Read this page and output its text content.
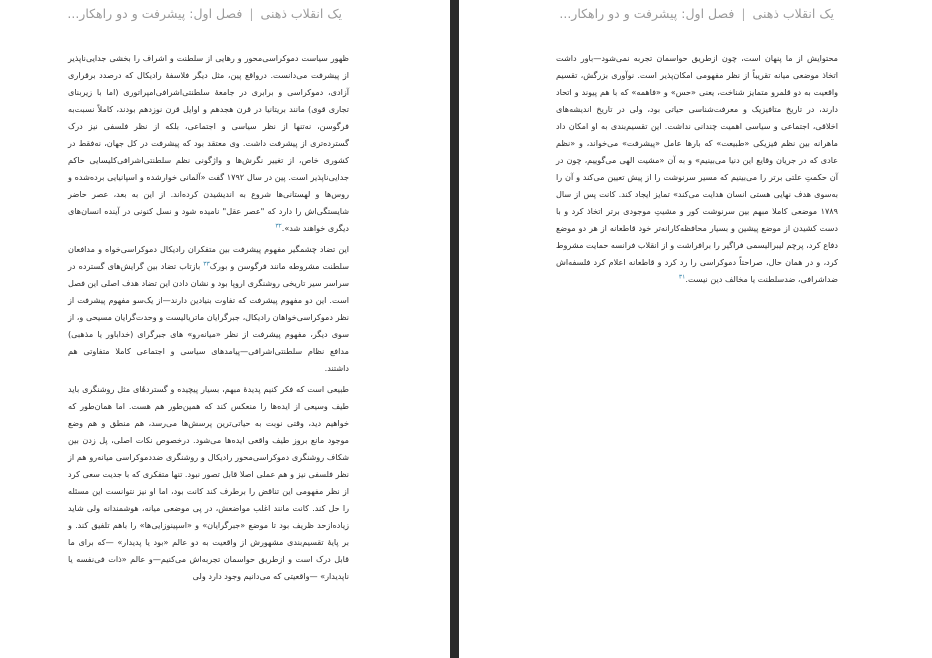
یک انقلاب ذهنی|فصل اول: پیشرفت و دو راهکار...

ظهور سیاست دموکراسی‌محور و رهایی از سلطنت و اشراف را بخشی جدایی‌ناپذیر از پیشرفت می‌دانست. درواقع پین، مثل دیگر فلاسفهٔ رادیکال که درصدد برقراری آزادی، دموکراسی و برابری در جامعهٔ سلطنتی‌اشرافی‌امپراتوری (اما با زیربنای تجاری قوی) مانند بریتانیا در قرن هجدهم و اوایل قرن نوزدهم بودند، کاملاً نسبت‌به فرگوسن، نه‌تنها از نظر سیاسی و اجتماعی، بلکه از نظر فلسفی نیز درک گسترده‌تری از پیشرفت داشت. وی معتقد بود که پیشرفت در کل جهان، نه‌فقط در کشوری خاص، از تغییر نگرش‌ها و واژگونی نظم سلطنتی‌اشرافی‌کلیسایی حاکم جدایی‌ناپذیر است. پین در سال ۱۷۹۲ گفت «آلمانی خوارشده و اسپانیایی برده‌شده و روس‌ها و لهستانی‌ها شروع به اندیشیدن کرده‌اند. از این به بعد، عصر حاضر شایستگی‌اش را دارد که "عصر عقل" نامیده شود و نسل کنونی در آینده انسان‌های دیگری خواهند شد».$^{۳۲}$

این تضاد چشمگیر مفهوم پیشرفت بین متفکران رادیکال دموکراسی‌خواه و مدافعان سلطنت مشروطه مانند فرگوسن و بورک$^{۳۳}$ بازتاب تضاد بین گرایش‌های گسترده در سراسر سیر تاریخی روشنگری اروپا بود و نشان دادن این تضاد هدف اصلی این فصل است. این دو مفهوم پیشرفت که تفاوت بنیادین دارند—از یک‌سو مفهوم پیشرفت از نظر دموکراسی‌خواهان رادیکال، جبرگرایان ماتریالیست و وحدت‌گرایان مسیحی و، از سوی دیگر، مفهوم پیشرفت از نظر «میانه‌رو» های جبرگرای (خداباور یا مذهبی) مدافع نظام سلطنتی‌اشرافی—پیامدهای سیاسی و اجتماعی کاملا متفاوتی هم داشتند.

طبیعی است که فکر کنیم پدیدهٔ مبهم، بسیار پیچیده و گستردهٔای مثل روشنگری باید طیف وسیعی از ایده‌ها را منعکس کند که همین‌طور هم هست. اما همان‌طور که خواهیم دید، وقتی نوبت به حیاتی‌ترین پرسش‌ها می‌رسد، هم منطق و هم وضع موجود مانع بروز طیف واقعی ایده‌ها می‌شود. درخصوص نکات اصلی، پل زدن بین شکاف روشنگری دموکراسی‌محور رادیکال و روشنگری ضددموکراسی میانه‌رو هم از نظر فلسفی نیز و هم عملی اصلا قابل تصور نبود. تنها متفکری که با جدیت سعی کرد از نظر مفهومی این تناقض را برطرف کند کانت بود، اما او نیز نتوانست این مسئله را حل کند. کانت مانند اغلب مواضعش، در پی موضعی میانه، هوشمندانه ولی شاید زیاده‌ازحد ظریف بود تا موضع «جبرگرایان» و «اسپینوزایی‌ها» را باهم تلفیق کند. و بر پایهٔ تقسیم‌بندی مشهورش از واقعیت به دو عالم «بود یا پدیدار» —که برای ما قابل درک است و ازطریق حواسمان تجربه‌اش می‌کنیم—و عالم «ذات فی‌نفسه یا ناپدیدار» —واقعیتی که می‌دانیم وجود دارد ولی

یک انقلاب ذهنی|فصل اول: پیشرفت و دو راهکار...

محتوایش از ما پنهان است، چون ازطریق حواسمان تجربه نمی‌شود—باور داشت اتخاذ موضعی میانه تقریباً از نظر مفهومی امکان‌پذیر است. نوآوری بزرگش، تقسیم واقعیت به دو قلمرو متمایز شناخت، یعنی «حس» و «فاهمه» که با هم پیوند و اتحاد دارند، در تاریخ متافیزیک و معرفت‌شناسی حیاتی بود، ولی در تاریخ اندیشه‌های اخلاقی، اجتماعی و سیاسی اهمیت چندانی نداشت. این تقسیم‌بندی به او امکان داد ماهرانه بین نظم فیزیکی «طبیعت» که بارها عامل «پیشرفت» می‌خواند، و «نظم عادی که در جریان وقایع این دنیا می‌بینیم» و به آن «مشیت الهی می‌گوییم، چون در آن حکمتِ علتی برتر را می‌بینیم که مسیر سرنوشت را از پیش تعیین می‌کند و آن را به‌سوی هدف نهایی هستی انسان هدایت می‌کند» تمایز ایجاد کند. کانت پس از سال ۱۷۸۹ موضعی کاملا مبهم بین سرنوشت کور و مشیتِ موجودی برتر اتخاذ کرد و با دست کشیدن از موضع پیشین و بسیار محافظه‌کارانه‌تر خود قاطعانه از هر دو موضع دفاع کرد، پرچم لیبرالیسمی فراگیر را برافراشت و از انقلاب فرانسه حمایت مشروط کرد، و در همان حال، صراحتاً دموکراسی را رد کرد و قاطعانه اعلام کرد فلسفه‌اش ضداشرافی، ضدسلطنت یا مخالف دین نیست.$^{۳۱}$
